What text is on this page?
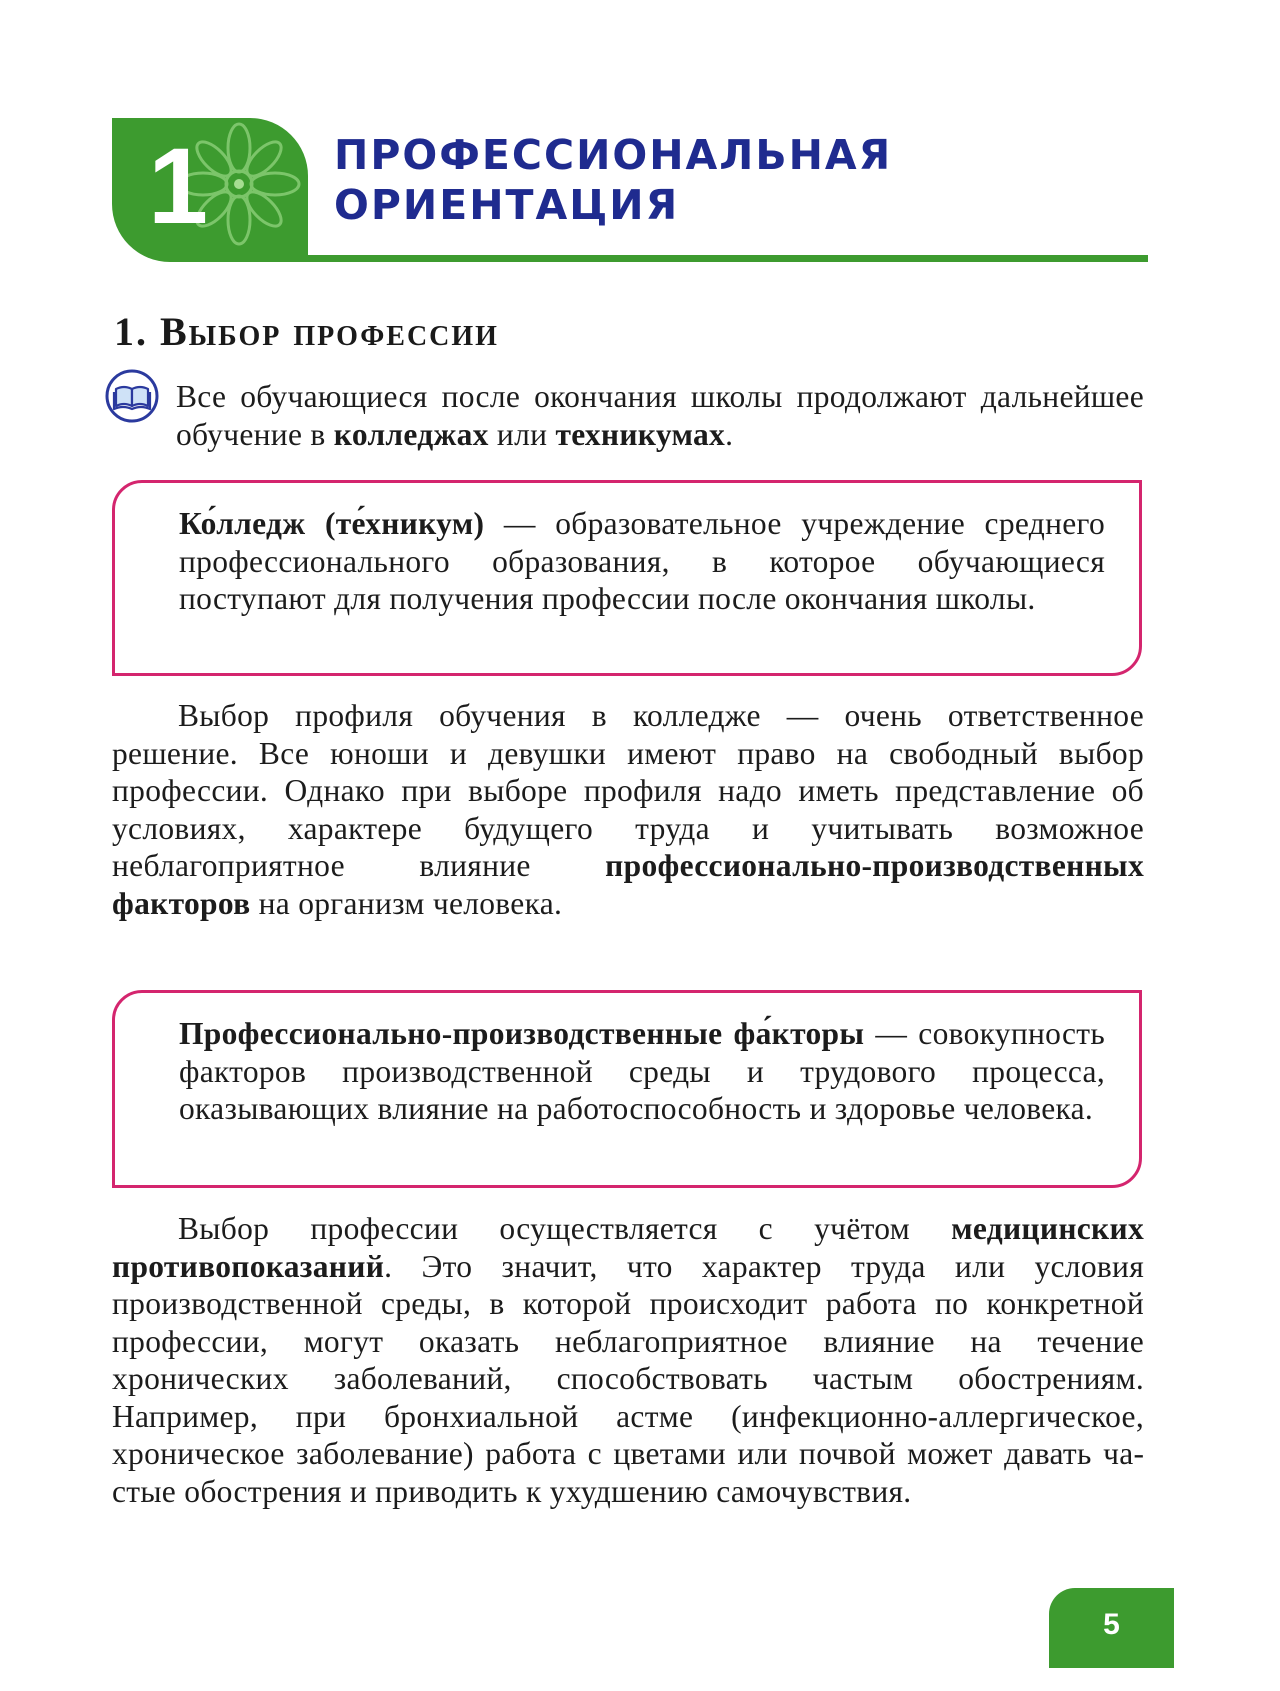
1	ПРОФЕССИОНАЛЬНАЯ
ОРИЕНТАЦИЯ
1. Выбор профессии
Все обучающиеся после окончания школы продолжают дальнейшее обучение в колледжах или техникумах.
Ко́лледж (те́хникум) — образовательное учреждение среднего профессионального образования, в которое обучающиеся поступают для получения профессии после окончания школы.
Выбор профиля обучения в колледже — очень ответственное решение. Все юноши и девушки имеют право на свободный выбор профессии. Однако при выборе профиля надо иметь представление об условиях, характере будущего труда и учитывать возможное неблагоприятное влияние профессионально-производственных факторов на организм человека.
Профессионально-производственные фа́кторы — совокупность факторов производственной среды и трудового процесса, оказывающих влияние на работоспособность и здоровье человека.
Выбор профессии осуществляется с учётом медицинских противопоказаний. Это значит, что характер труда или условия производственной среды, в которой происходит работа по конкретной профессии, могут оказать неблагоприятное влияние на течение хронических заболеваний, способствовать частым обострениям. Например, при бронхиальной астме (инфекционно-аллергическое, хроническое заболевание) работа с цветами или почвой может давать частые обострения и приводить к ухудшению самочувствия.
5
